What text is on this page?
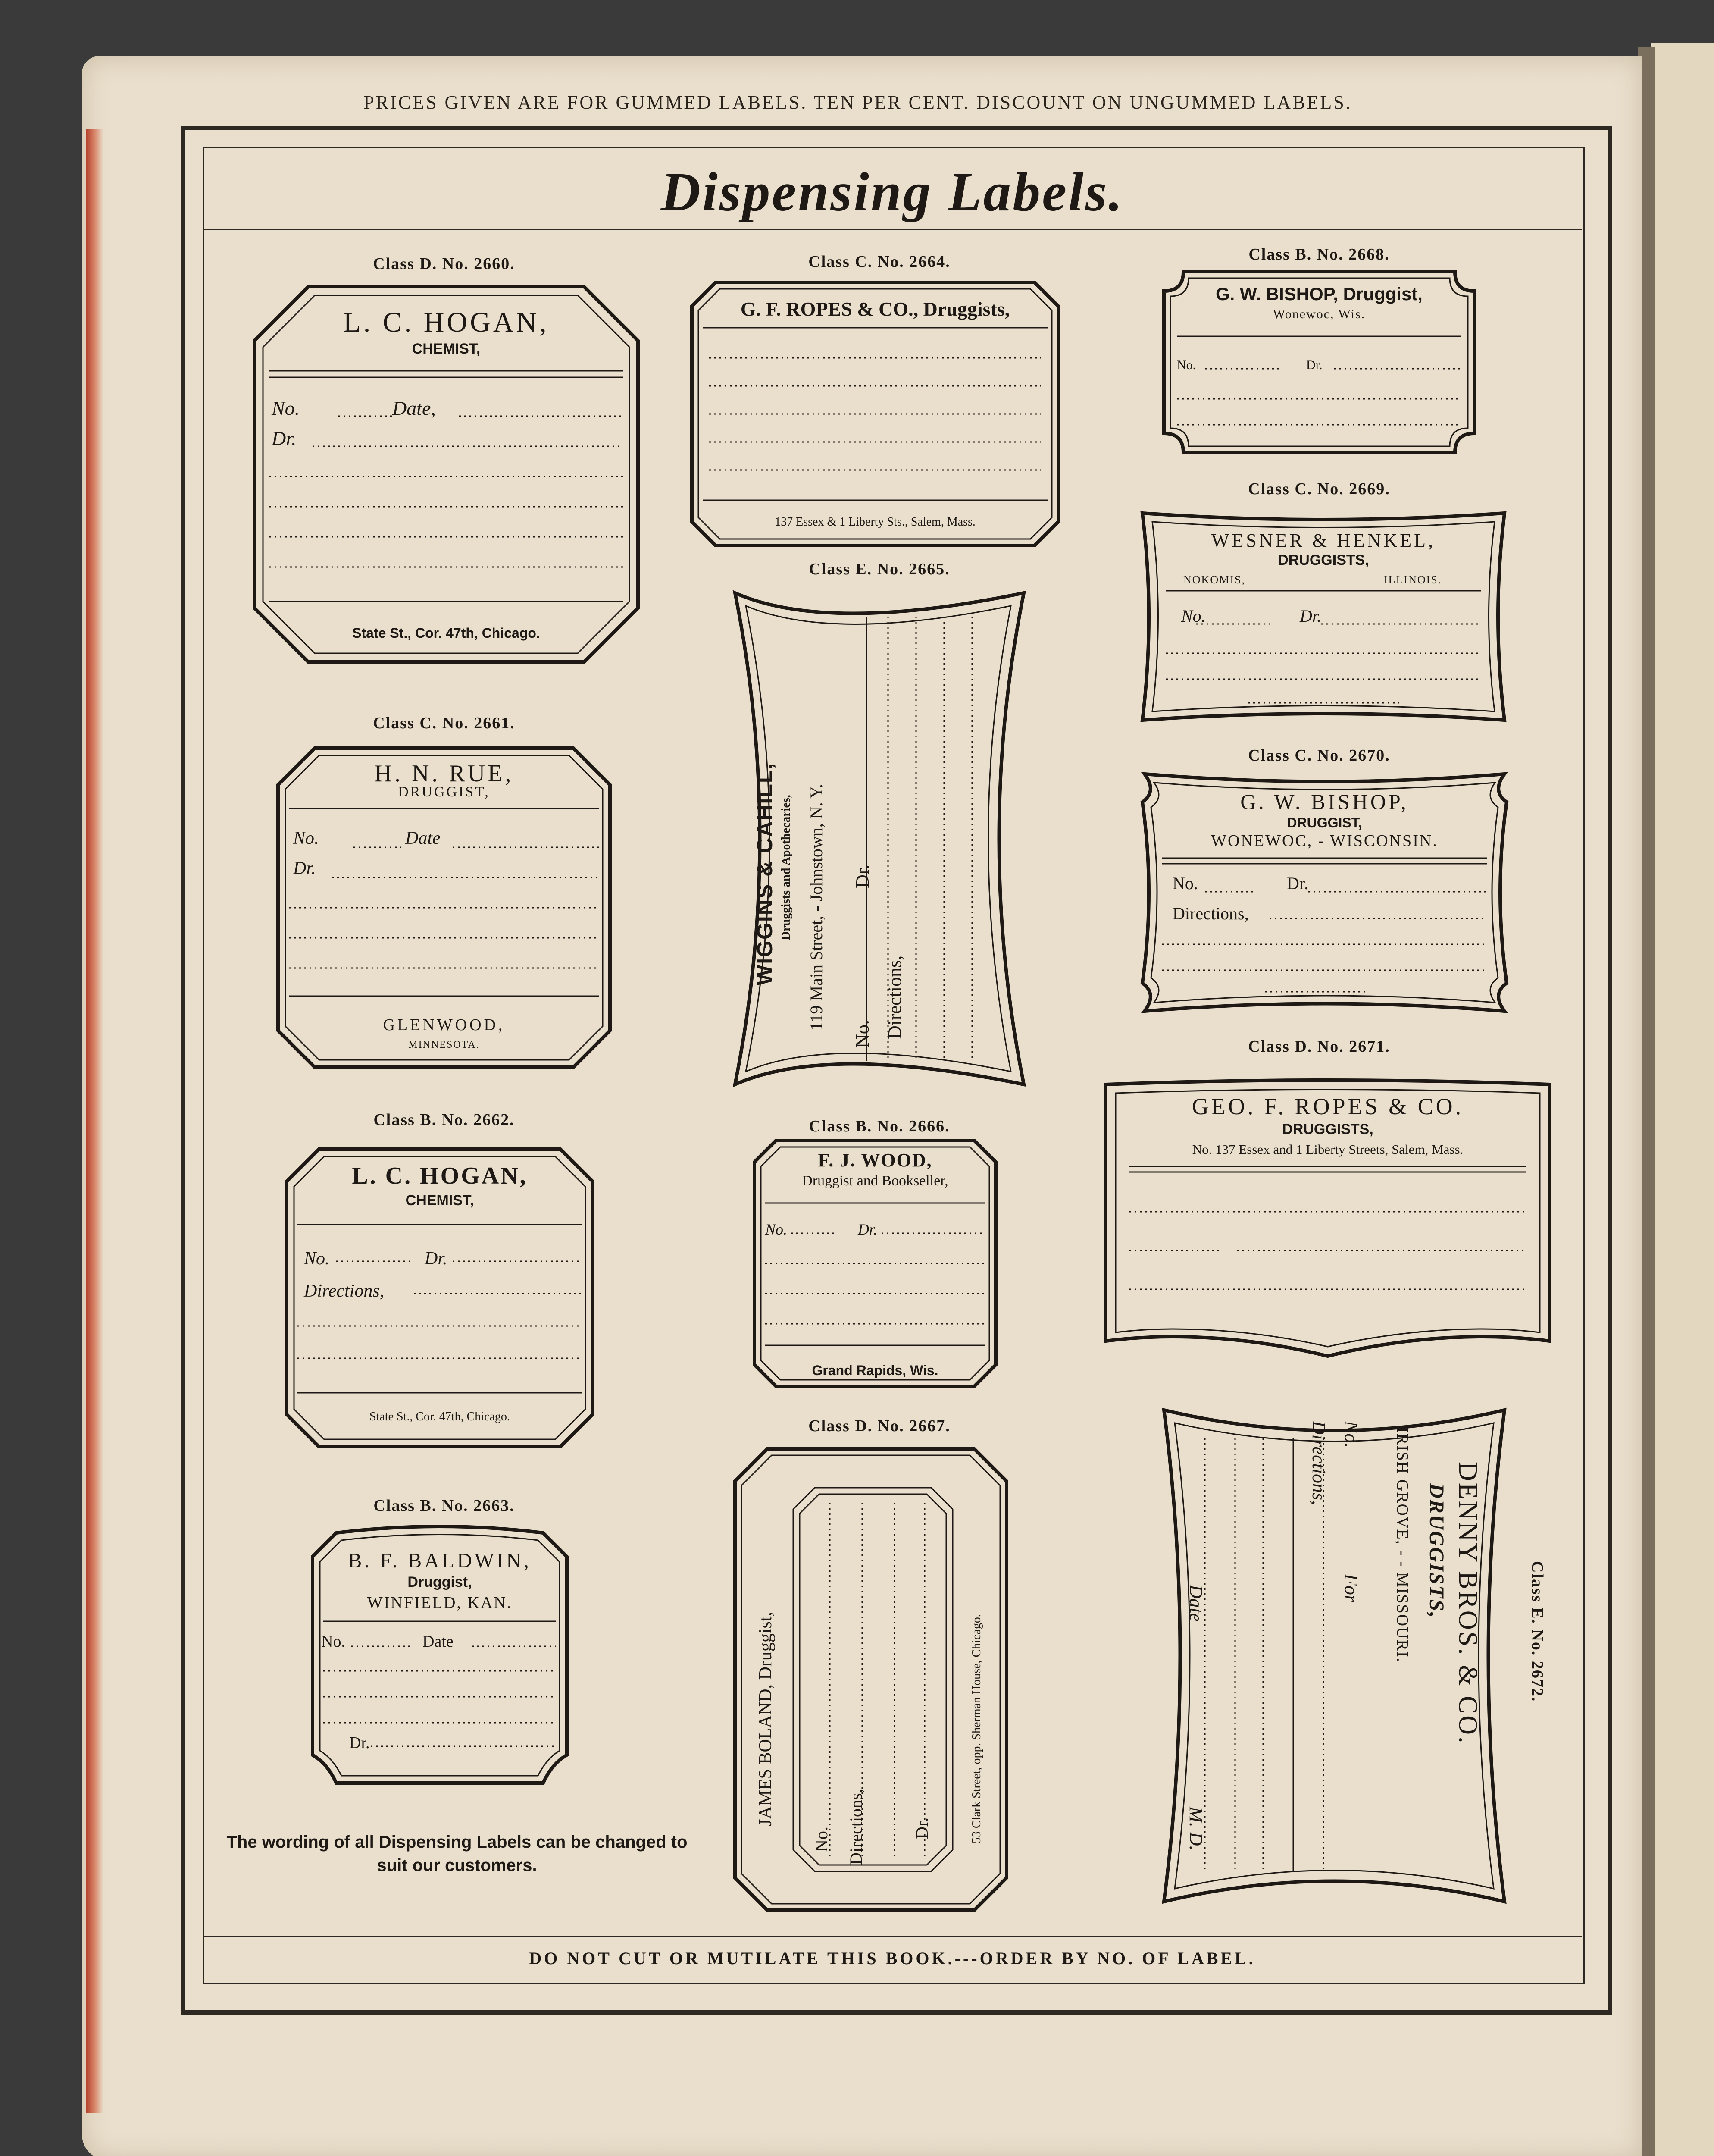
PRICES GIVEN ARE FOR GUMMED LABELS. TEN PER CENT. DISCOUNT ON UNGUMMED LABELS.
Dispensing Labels.
DO NOT CUT OR MUTILATE THIS BOOK.---ORDER BY NO. OF LABEL.
Class D. No. 2660.
L. C. HOGAN,
CHEMIST,
No.	Date,
Dr.
State St., Cor. 47th, Chicago.
Class C. No. 2661.
H. N. RUE,
DRUGGIST,
No.	Date
Dr.
GLENWOOD,
MINNESOTA.
Class B. No. 2662.
L. C. HOGAN,
CHEMIST,
No.	Dr.
Directions,
State St., Cor. 47th, Chicago.
Class B. No. 2663.
B. F. BALDWIN,
Druggist,
WINFIELD, KAN.
No.	Date
Dr.
The wording of all Dispensing Labels can be changed to suit our customers.
Class C. No. 2664.
G. F. ROPES & CO., Druggists,
137 Essex & 1 Liberty Sts., Salem, Mass.
Class E. No. 2665.
WIGGINS & CAHILL, Druggists and Apothecaries, 119 Main Street, - Johnstown, N. Y.
No.
Dr.
Directions,
Class B. No. 2666.
F. J. WOOD,
Druggist and Bookseller,
No.	Dr.
Grand Rapids, Wis.
Class D. No. 2667.
JAMES BOLAND, Druggist,	53 Clark Street, opp. Sherman House, Chicago.
No. Directions,	Dr.
Class B. No. 2668.
G. W. BISHOP, Druggist,
Wonewoc, Wis.
No.	Dr.
Class C. No. 2669.
WESNER & HENKEL,
DRUGGISTS,
NOKOMIS,	ILLINOIS.
No.	Dr.
Class C. No. 2670.
G. W. BISHOP,
DRUGGIST,
WONEWOC, - WISCONSIN.
No.	Dr.
Directions,
Class D. No. 2671.
GEO. F. ROPES & CO.
DRUGGISTS,
No. 137 Essex and 1 Liberty Streets, Salem, Mass.
DENNY BROS. & CO.
DRUGGISTS,
IRISH GROVE, - - MISSOURI.
No.
For
Directions,
Date
M. D.
Class E. No. 2672.
